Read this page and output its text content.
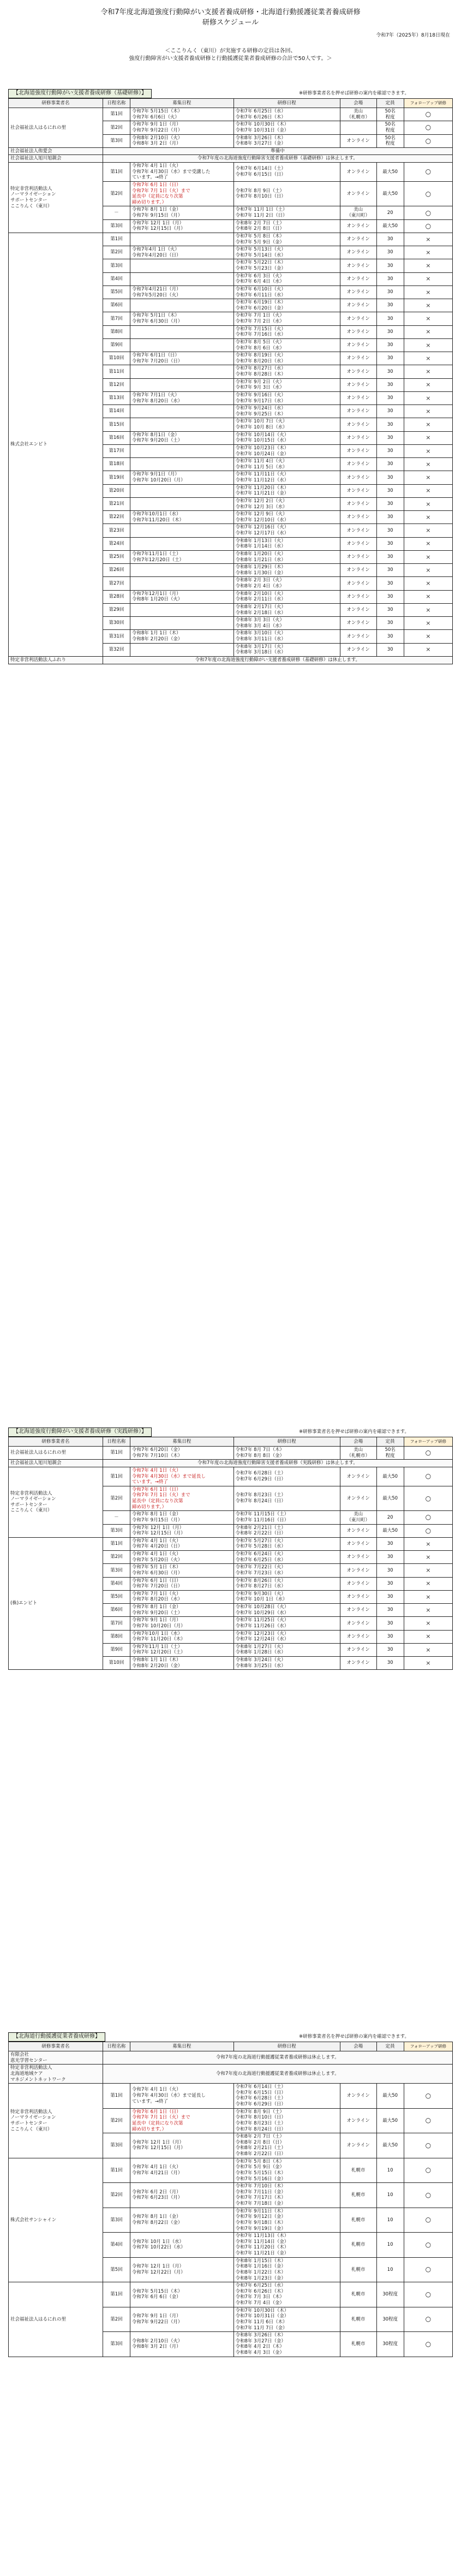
令和7年度北海道強度行動障がい支援者養成研修・北海道行動援護従業者養成研修
研修スケジュール
令和7年（2025年）8月18日現在
＜ここりんく（東川）が実施する研修の定員は各回、
強度行動障害がい支援者養成研修と行動援護従業者養成研修の合計で50人です。＞
【北海道強度行動障がい支援者養成研修（基礎研修）】	※研修事業者名を押せば研修の案内を確認できます。
研修事業者名	日程名称	募集日程	研修日程	会場	定員	フォローアップ研修
社会福祉法人はるにれの里	第1回	令和7年 5月15日（木）
令和7年 6月6日（火）	令和7年 6月25日（水）
令和7年 6月26日（木）	美山
（札幌市）	50名
程度	○
	第2回	令和7年 9月 1日（月）
令和7年 9月22日（月）	令和7年 10月30日（木）
令和7年 10月31日（金）		50名
程度	○
	第3回	令和8年 2月10日（火）
令和8年 3月 2日（月）	令和8年 3月26日（木）
令和8年 3月27日（金）	オンライン	50名
程度	○
社会福祉法人侑愛会	準備中					
社会福祉法人旭川旭親会	令和7年度の北海道強度行動障害支援者養成研修（基礎研修）は休止します。					
特定非営利活動法人
ノーマライゼーション
サポートセンター
ここりんく（東川）	第1回	令和7年 4月 1日（火）
令和7年 4月30日（水）まで受講した
ています。→終了	令和7年 6月14日（土）
令和7年 6月15日（日）	オンライン	最大50	○
	第2回	令和7年 6月 1日（日）
令和7年 7月 1日（火）まで
延長中（定員になり次第
締め切ります。）	令和7年 8月 9日（土）
令和7年 8月10日（日）	オンライン	最大50	○
	－	令和7年 8月 1日（金）
令和7年 9月15日（月）	令和7年 11月 1日（土）
令和7年 11月 2日（日）	美山
（東川町）	20	○
	第3回	令和7年 12月 1日（月）
令和7年 12月15日（月）	令和8年 2月 7日（土）
令和8年 2月 8日（日）	オンライン	最大50	○
株式会社エンピト	第1回		令和7年 5月 8日（木）
令和7年 5月 9日（金）	オンライン	30	×
	第2回	令和7年4月 1日（火）
令和7年4月20日（日）	令和7年 5月13日（火）
令和7年 5月14日（水）	オンライン	30	×
	第3回		令和7年 5月22日（木）
令和7年 5月23日（金）	オンライン	30	×
	第4回		令和7年 6月 3日（火）
令和7年 6月 4日（水）	オンライン	30	×
	第5回	令和7年4月21日（月）
令和7年5月20日（火）	令和7年 6月10日（火）
令和7年 6月11日（水）	オンライン	30	×
	第6回		令和7年 6月19日（木）
令和7年 6月20日（金）	オンライン	30	×
	第7回	令和7年 5月1日（木）
令和7年 6月30日（月）	令和7年 7月 1日（火）
令和7年 7月 2日（水）	オンライン	30	×
	第8回		令和7年 7月15日（火）
令和7年 7月16日（水）	オンライン	30	×
	第9回		令和7年 8月 5日（火）
令和7年 8月 6日（水）	オンライン	30	×
	第10回	令和7年 6月1日（日）
令和7年 7月20日（日）	令和7年 8月19日（火）
令和7年 8月20日（水）	オンライン	30	×
	第11回		令和7年 8月27日（水）
令和7年 8月28日（木）	オンライン	30	×
	第12回		令和7年 9月 2日（火）
令和7年 9月 3日（水）	オンライン	30	×
	第13回	令和7年 7月1日（火）
令和7年 8月20日（水）	令和7年 9月16日（火）
令和7年 9月17日（水）	オンライン	30	×
	第14回		令和7年 9月24日（水）
令和7年 9月25日（木）	オンライン	30	×
	第15回		令和7年 10月 7日（火）
令和7年 10月 8日（水）	オンライン	30	×
	第16回	令和7年 8月1日（金）
令和7年 9月20日（土）	令和7年 10月14日（火）
令和7年 10月15日（水）	オンライン	30	×
	第17回		令和7年 10月23日（木）
令和7年 10月24日（金）	オンライン	30	×
	第18回		令和7年 11月 4日（火）
令和7年 11月 5日（水）	オンライン	30	×
	第19回	令和7年 9月1日（月）
令和7年 10月20日（月）	令和7年 11月11日（火）
令和7年 11月12日（水）	オンライン	30	×
	第20回		令和7年 11月20日（木）
令和7年 11月21日（金）	オンライン	30	×
	第21回		令和7年 12月 2日（火）
令和7年 12月 3日（水）	オンライン	30	×
	第22回	令和7年10月1日（水）
令和7年11月20日（木）	令和7年 12月 9日（火）
令和7年 12月10日（水）	オンライン	30	×
	第23回		令和7年 12月16日（火）
令和7年 12月17日（水）	オンライン	30	×
	第24回		令和8年 1月13日（火）
令和8年 1月14日（水）	オンライン	30	×
	第25回	令和7年11月1日（土）
令和7年12月20日（土）	令和8年 1月20日（火）
令和8年 1月21日（水）	オンライン	30	×
	第26回		令和8年 1月29日（木）
令和8年 1月30日（金）	オンライン	30	×
	第27回		令和8年 2月 3日（火）
令和8年 2月 4日（水）	オンライン	30	×
	第28回	令和7年12月1日（月）
令和8年 1月20日（火）	令和8年 2月10日（火）
令和8年 2月11日（水）	オンライン	30	×
	第29回		令和8年 2月17日（火）
令和8年 2月18日（水）	オンライン	30	×
	第30回		令和8年 3月 3日（火）
令和8年 3月 4日（水）	オンライン	30	×
	第31回	令和8年 1月 1日（木）
令和8年 2月20日（金）	令和8年 3月10日（火）
令和8年 3月11日（水）	オンライン	30	×
	第32回		令和8年 3月17日（火）
令和8年 3月18日（水）	オンライン	30	×
特定非営利活動法人ふれり	令和7年度の北海道強度行動障がい支援者養成研修（基礎研修）は休止します。					
【北海道強度行動障がい支援者養成研修（実践研修）】	※研修事業者名を押せば研修の案内を確認できます。
研修事業者名	日程名称	募集日程	研修日程	会場	定員	フォローアップ研修
社会福祉法人はるにれの里	第1回	令和7年 6月20日（金）
令和7年 7月10日（木）	令和7年 8月 7日（木）
令和7年 8月 8日（金）	美山
（札幌市）	50名
程度	○
社会福祉法人旭川旭親会	令和7年度の北海道強度行動障害支援者養成研修（実践研修）は休止します。					
特定非営利活動法人
ノーマライゼーション
サポートセンター
ここりんく（東川）	第1回	令和7年 4月 1日（火）
令和7年 4月30日（水）まで延長し
ています。→終了	令和7年 6月28日（土）
令和7年 6月29日（日）	オンライン	最大50	○
	第2回	令和7年 6月 1日（日）
令和7年 7月 1日（火）まで
延長中（定員になり次第
締め切ります。）	令和7年 8月23日（土）
令和7年 8月24日（日）	オンライン	最大50	○
	－	令和7年 8月 1日（金）
令和7年 9月15日（月）	令和7年 11月15日（土）
令和7年 11月16日（日）	美山
（東川町）	20	○
	第3回	令和7年 12月 1日（月）
令和7年 12月15日（月）	令和8年 2月21日（土）
令和8年 2月22日（日）	オンライン	最大50	○
(株)エンピト	第1回	令和7年 4月 1日（火）
令和7年 4月20日（日）	令和7年 5月27日（火）
令和7年 5月28日（水）	オンライン	30	×
	第2回	令和7年 4月 1日（火）
令和7年 5月20日（火）	令和7年 6月24日（火）
令和7年 6月25日（水）	オンライン	30	×
	第3回	令和7年 5月 1日（木）
令和7年 6月30日（月）	令和7年 7月22日（火）
令和7年 7月23日（水）	オンライン	30	×
	第4回	令和7年 6月 1日（日）
令和7年 7月20日（日）	令和7年 8月26日（火）
令和7年 8月27日（水）	オンライン	30	×
	第5回	令和7年 7月 1日（火）
令和7年 8月20日（水）	令和7年 9月30日（火）
令和7年 10月 1日（水）	オンライン	30	×
	第6回	令和7年 8月 1日（金）
令和7年 9月20日（土）	令和7年 10月28日（火）
令和7年 10月29日（水）	オンライン	30	×
	第7回	令和7年 9月 1日（月）
令和7年 10月20日（月）	令和7年 11月25日（火）
令和7年 11月26日（水）	オンライン	30	×
	第8回	令和7年10月 1日（水）
令和7年 11月20日（木）	令和7年 12月23日（火）
令和7年 12月24日（水）	オンライン	30	×
	第9回	令和7年11月 1日（土）
令和7年 12月20日（土）	令和8年 1月27日（火）
令和8年 1月28日（水）	オンライン	30	×
	第10回	令和8年 1月 1日（木）
令和8年 2月20日（金）	令和8年 3月24日（火）
令和8年 3月25日（水）	オンライン	30	×
【北海道行動援護従業者養成研修】	※研修事業者名を押せば研修の案内を確認できます。
研修事業者名	日程名称	募集日程	研修日程	会場	定員	フォローアップ研修
有限会社
恵光学習センター	令和7年度の北海道行動援護従業者養成研修は休止します。					
特定非営利活動法人
北海道地域ケア
マネジメントネットワーク	令和7年度の北海道行動援護従業者養成研修は休止します。					
特定非営利活動法人
ノーマライゼーション
サポートセンター
ここりんく（東川）	第1回	令和7年 4月 1日（火）
令和7年 4月30日（水）まで延長し
ています。→終了	令和7年 6月14日（土）
令和7年 6月15日（日）
令和7年 6月28日（土）
令和7年 6月29日（日）	オンライン	最大50	○
	第2回	令和7年 6月 1日（日）
令和7年 7月 1日（火）まで
延長中（定員になり次第
締め切ります。）	令和7年 8月 9日（土）
令和7年 8月10日（日）
令和7年 8月23日（土）
令和7年 8月24日（日）	オンライン	最大50	○
	第3回	令和7年 12月 1日（月）
令和7年 12月15日（月）	令和8年 2月 7日（土）
令和8年 2月 8日（日）
令和8年 2月21日（土）
令和8年 2月22日（日）	オンライン	最大50	○
株式会社サンシャイン	第1回	令和7年 4月 1日（火）
令和7年 4月21日（月）	令和7年 5月 8日（木）
令和7年 5月 9日（金）
令和7年 5月15日（木）
令和7年 5月16日（金）	札幌市	10	○
	第2回	令和7年 6月 2日（月）
令和7年 6月23日（月）	令和7年 7月10日（木）
令和7年 7月11日（金）
令和7年 7月17日（木）
令和7年 7月18日（金）	札幌市	10	○
	第3回	令和7年 8月 1日（金）
令和7年 8月22日（金）	令和7年 9月11日（木）
令和7年 9月12日（金）
令和7年 9月18日（木）
令和7年 9月19日（金）	札幌市	10	○
	第4回	令和7年 10月 1日（水）
令和7年 10月22日（水）	令和7年 11月13日（木）
令和7年 11月14日（金）
令和7年 11月20日（木）
令和7年 11月21日（金）	札幌市	10	○
	第5回	令和7年 12月 1日（月）
令和7年 12月22日（月）	令和8年 1月15日（木）
令和8年 1月16日（金）
令和8年 1月22日（木）
令和8年 1月23日（金）	札幌市	10	○
社会福祉法人はるにれの里	第1回	令和7年 5月15日（木）
令和7年 6月 6日（金）	令和7年 6月25日（水）
令和7年 6月26日（木）
令和7年 7月 3日（木）
令和7年 7月 4日（金）	札幌市	30程度	○
	第2回	令和7年 9月 1日（月）
令和7年 9月22日（月）	令和7年 10月30日（木）
令和7年 10月31日（金）
令和7年 11月 6日（木）
令和7年 11月 7日（金）	札幌市	30程度	○
	第3回	令和8年 2月10日（火）
令和8年 3月 2日（月）	令和8年 3月26日（木）
令和8年 3月27日（金）
令和8年 4月 2日（木）
令和8年 4月 3日（金）	札幌市	30程度	○
